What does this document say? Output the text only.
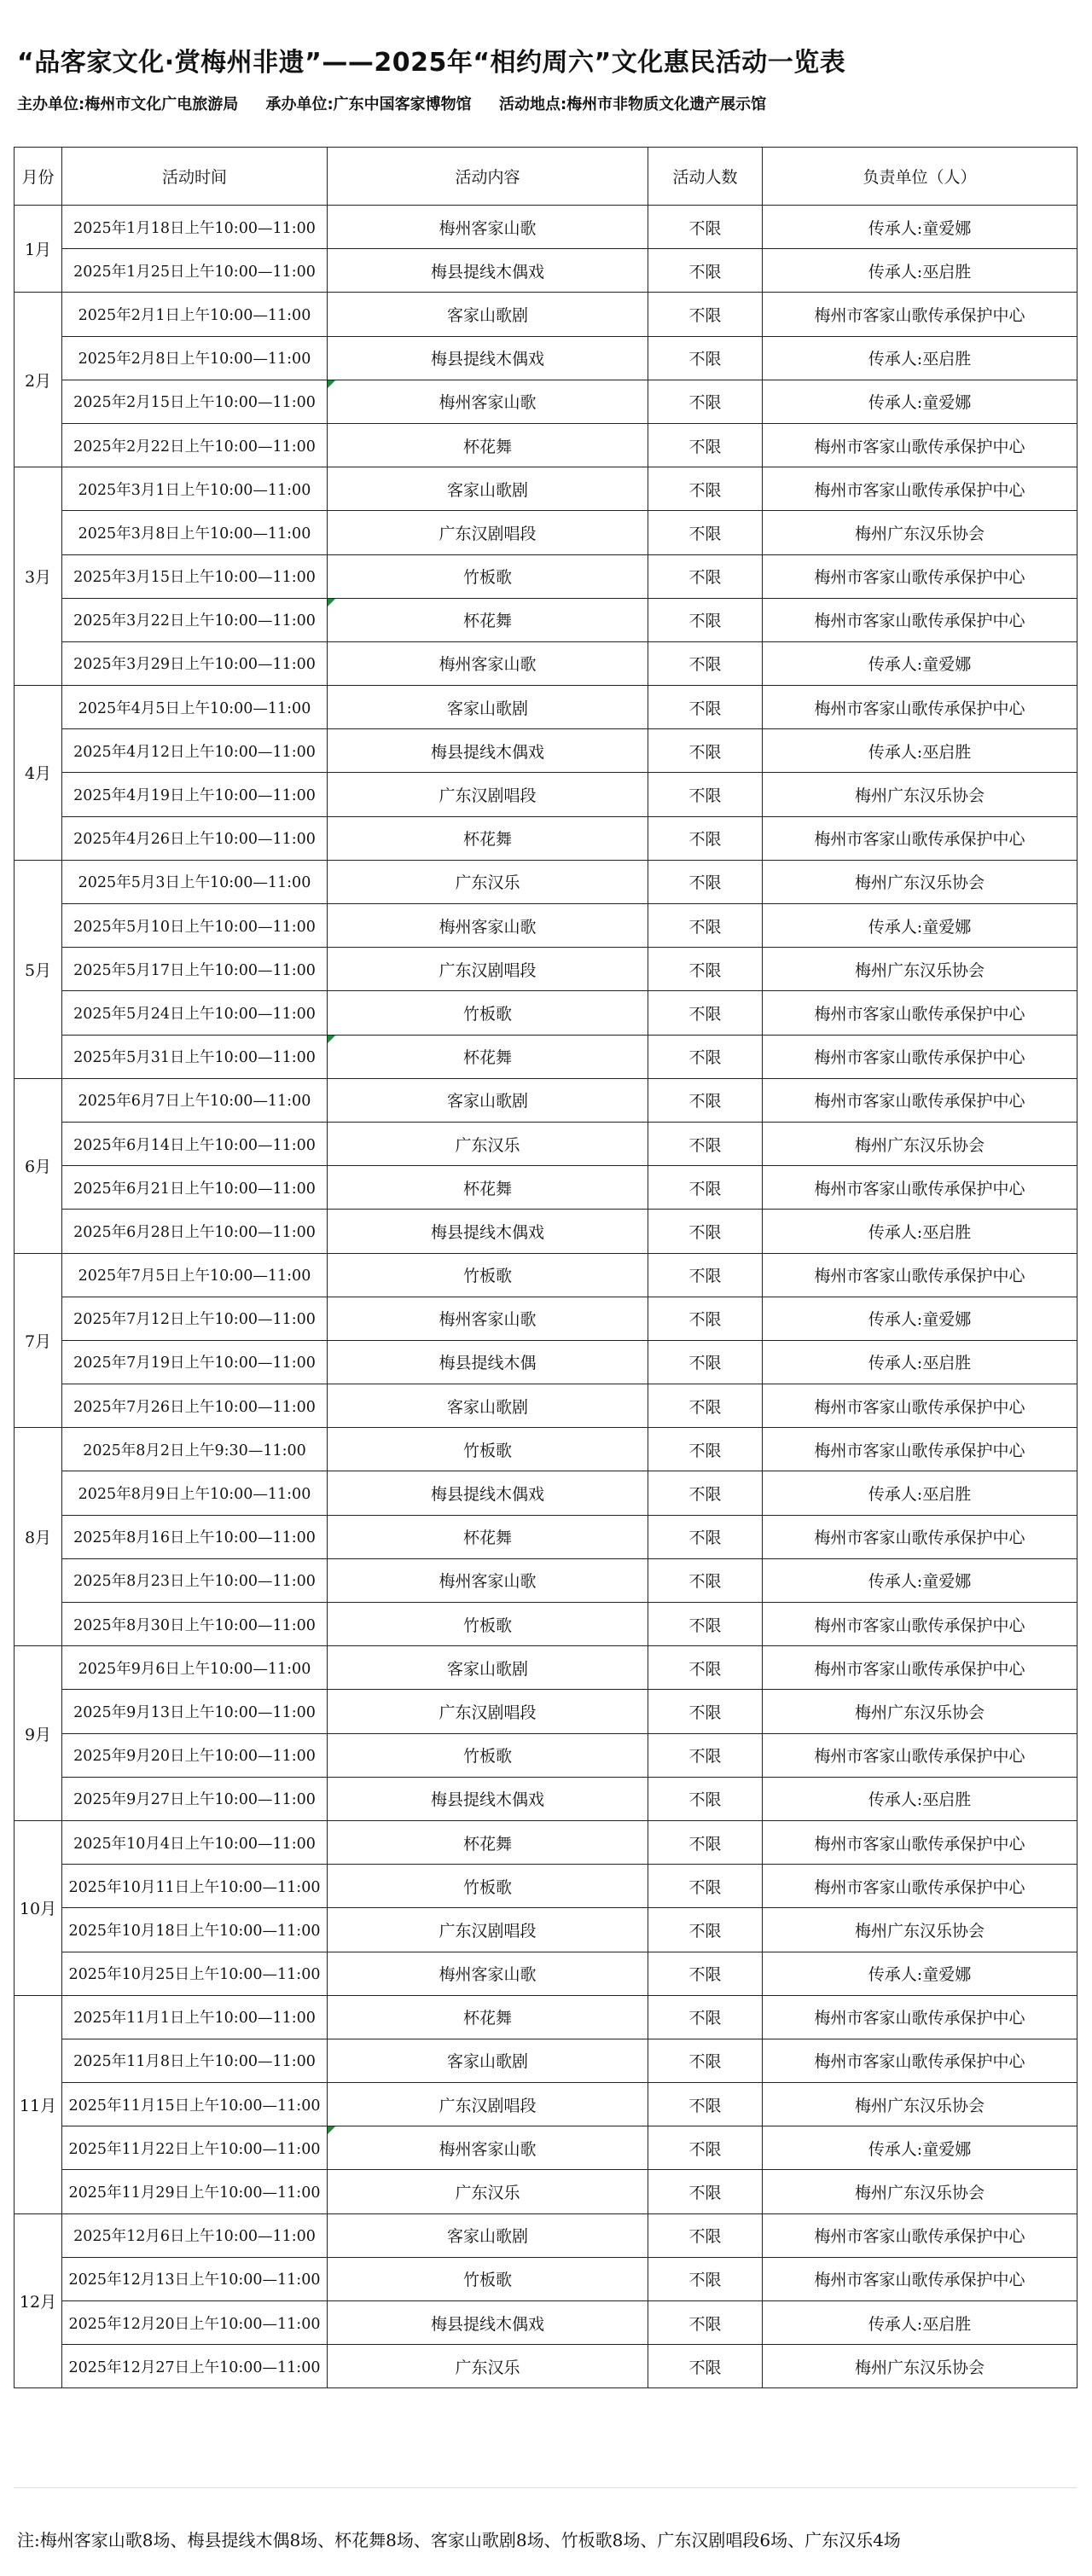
“品客家文化·赏梅州非遗”——2025年“相约周六”文化惠民活动一览表
主办单位:梅州市文化广电旅游局 承办单位:广东中国客家博物馆 活动地点:梅州市非物质文化遗产展示馆
月份	活动时间	活动内容	活动人数	负责单位（人）
1月	2025年1月18日上午10:00—11:00	梅州客家山歌	不限	传承人:童爱娜
	2025年1月25日上午10:00—11:00	梅县提线木偶戏	不限	传承人:巫启胜
2月	2025年2月1日上午10:00—11:00	客家山歌剧	不限	梅州市客家山歌传承保护中心
	2025年2月8日上午10:00—11:00	梅县提线木偶戏	不限	传承人:巫启胜
	2025年2月15日上午10:00—11:00	梅州客家山歌	不限	传承人:童爱娜
	2025年2月22日上午10:00—11:00	杯花舞	不限	梅州市客家山歌传承保护中心
3月	2025年3月1日上午10:00—11:00	客家山歌剧	不限	梅州市客家山歌传承保护中心
	2025年3月8日上午10:00—11:00	广东汉剧唱段	不限	梅州广东汉乐协会
	2025年3月15日上午10:00—11:00	竹板歌	不限	梅州市客家山歌传承保护中心
	2025年3月22日上午10:00—11:00	杯花舞	不限	梅州市客家山歌传承保护中心
	2025年3月29日上午10:00—11:00	梅州客家山歌	不限	传承人:童爱娜
4月	2025年4月5日上午10:00—11:00	客家山歌剧	不限	梅州市客家山歌传承保护中心
	2025年4月12日上午10:00—11:00	梅县提线木偶戏	不限	传承人:巫启胜
	2025年4月19日上午10:00—11:00	广东汉剧唱段	不限	梅州广东汉乐协会
	2025年4月26日上午10:00—11:00	杯花舞	不限	梅州市客家山歌传承保护中心
5月	2025年5月3日上午10:00—11:00	广东汉乐	不限	梅州广东汉乐协会
	2025年5月10日上午10:00—11:00	梅州客家山歌	不限	传承人:童爱娜
	2025年5月17日上午10:00—11:00	广东汉剧唱段	不限	梅州广东汉乐协会
	2025年5月24日上午10:00—11:00	竹板歌	不限	梅州市客家山歌传承保护中心
	2025年5月31日上午10:00—11:00	杯花舞	不限	梅州市客家山歌传承保护中心
6月	2025年6月7日上午10:00—11:00	客家山歌剧	不限	梅州市客家山歌传承保护中心
	2025年6月14日上午10:00—11:00	广东汉乐	不限	梅州广东汉乐协会
	2025年6月21日上午10:00—11:00	杯花舞	不限	梅州市客家山歌传承保护中心
	2025年6月28日上午10:00—11:00	梅县提线木偶戏	不限	传承人:巫启胜
7月	2025年7月5日上午10:00—11:00	竹板歌	不限	梅州市客家山歌传承保护中心
	2025年7月12日上午10:00—11:00	梅州客家山歌	不限	传承人:童爱娜
	2025年7月19日上午10:00—11:00	梅县提线木偶	不限	传承人:巫启胜
	2025年7月26日上午10:00—11:00	客家山歌剧	不限	梅州市客家山歌传承保护中心
8月	2025年8月2日上午9:30—11:00	竹板歌	不限	梅州市客家山歌传承保护中心
	2025年8月9日上午10:00—11:00	梅县提线木偶戏	不限	传承人:巫启胜
	2025年8月16日上午10:00—11:00	杯花舞	不限	梅州市客家山歌传承保护中心
	2025年8月23日上午10:00—11:00	梅州客家山歌	不限	传承人:童爱娜
	2025年8月30日上午10:00—11:00	竹板歌	不限	梅州市客家山歌传承保护中心
9月	2025年9月6日上午10:00—11:00	客家山歌剧	不限	梅州市客家山歌传承保护中心
	2025年9月13日上午10:00—11:00	广东汉剧唱段	不限	梅州广东汉乐协会
	2025年9月20日上午10:00—11:00	竹板歌	不限	梅州市客家山歌传承保护中心
	2025年9月27日上午10:00—11:00	梅县提线木偶戏	不限	传承人:巫启胜
10月	2025年10月4日上午10:00—11:00	杯花舞	不限	梅州市客家山歌传承保护中心
	2025年10月11日上午10:00—11:00	竹板歌	不限	梅州市客家山歌传承保护中心
	2025年10月18日上午10:00—11:00	广东汉剧唱段	不限	梅州广东汉乐协会
	2025年10月25日上午10:00—11:00	梅州客家山歌	不限	传承人:童爱娜
11月	2025年11月1日上午10:00—11:00	杯花舞	不限	梅州市客家山歌传承保护中心
	2025年11月8日上午10:00—11:00	客家山歌剧	不限	梅州市客家山歌传承保护中心
	2025年11月15日上午10:00—11:00	广东汉剧唱段	不限	梅州广东汉乐协会
	2025年11月22日上午10:00—11:00	梅州客家山歌	不限	传承人:童爱娜
	2025年11月29日上午10:00—11:00	广东汉乐	不限	梅州广东汉乐协会
12月	2025年12月6日上午10:00—11:00	客家山歌剧	不限	梅州市客家山歌传承保护中心
	2025年12月13日上午10:00—11:00	竹板歌	不限	梅州市客家山歌传承保护中心
	2025年12月20日上午10:00—11:00	梅县提线木偶戏	不限	传承人:巫启胜
	2025年12月27日上午10:00—11:00	广东汉乐	不限	梅州广东汉乐协会
注:梅州客家山歌8场、梅县提线木偶8场、杯花舞8场、客家山歌剧8场、竹板歌8场、广东汉剧唱段6场、广东汉乐4场
